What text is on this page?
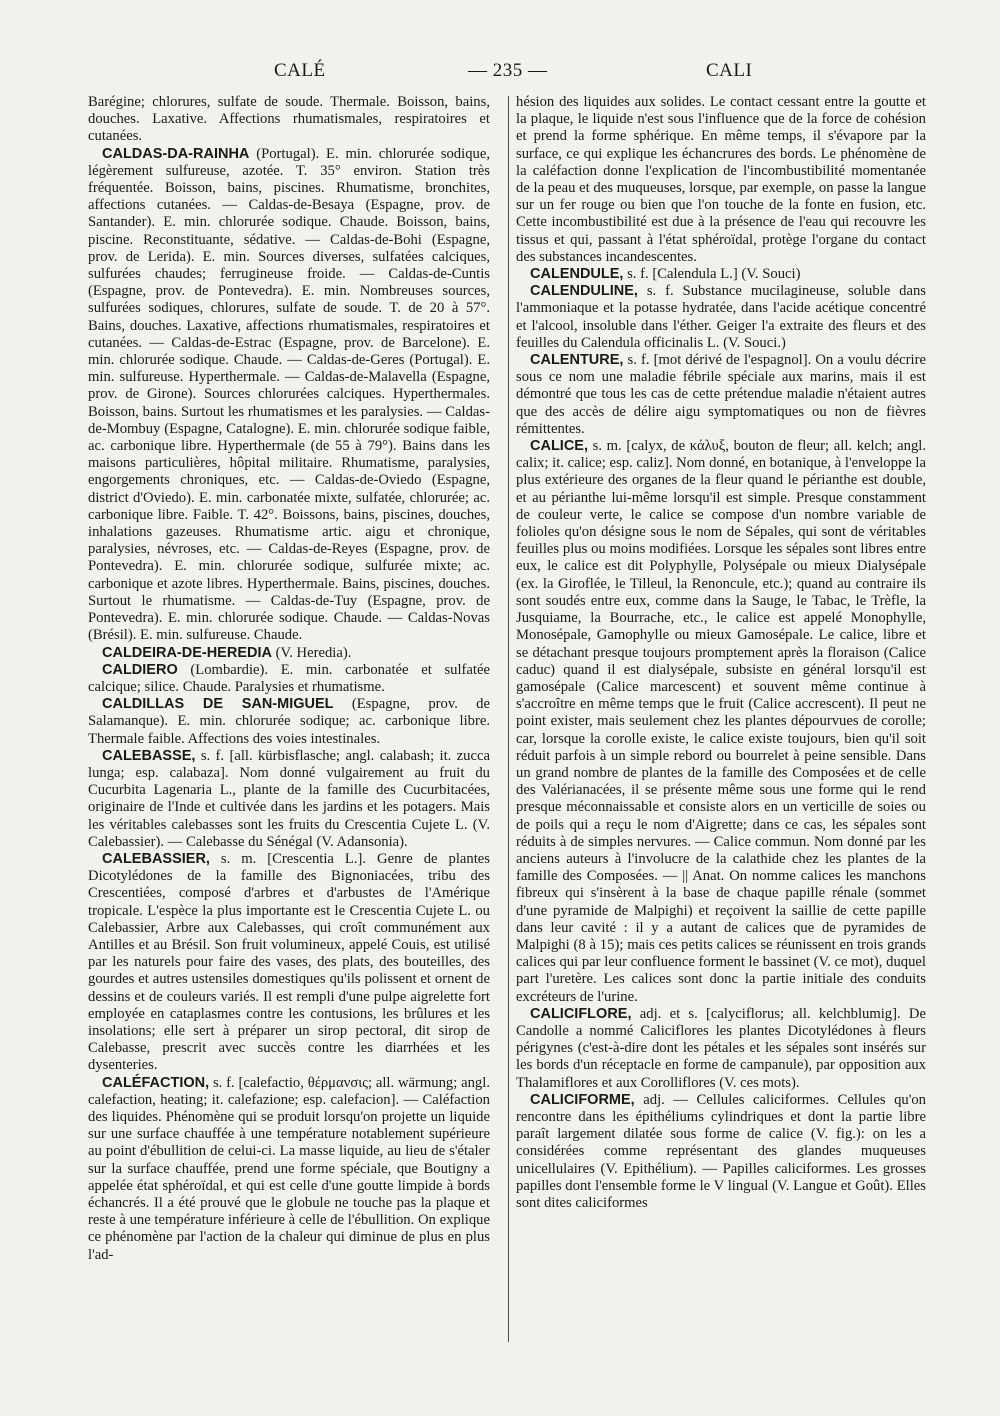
CALÉ	— 235 —	CALI

Barégine; chlorures, sulfate de soude. Thermale. Boisson, bains, douches. Laxative. Affections rhumatismales, respiratoires et cutanées.

CALDAS-DA-RAINHA (Portugal). E. min. chlorurée sodique, légèrement sulfureuse, azotée. T. 35° environ. Station très fréquentée. Boisson, bains, piscines. Rhumatisme, bronchites, affections cutanées. — Caldas-de-Besaya (Espagne, prov. de Santander). E. min. chlorurée sodique. Chaude. Boisson, bains, piscine. Reconstituante, sédative. — Caldas-de-Bohi (Espagne, prov. de Lerida). E. min. Sources diverses, sulfatées calciques, sulfurées chaudes; ferrugineuse froide. — Caldas-de-Cuntis (Espagne, prov. de Pontevedra). E. min. Nombreuses sources, sulfurées sodiques, chlorures, sulfate de soude. T. de 20 à 57°. Bains, douches. Laxative, affections rhumatismales, respiratoires et cutanées. — Caldas-de-Estrac (Espagne, prov. de Barcelone). E. min. chlorurée sodique. Chaude. — Caldas-de-Geres (Portugal). E. min. sulfureuse. Hyperthermale. — Caldas-de-Malavella (Espagne, prov. de Girone). Sources chlorurées calciques. Hyperthermales. Boisson, bains. Surtout les rhumatismes et les paralysies. — Caldas-de-Mombuy (Espagne, Catalogne). E. min. chlorurée sodique faible, ac. carbonique libre. Hyperthermale (de 55 à 79°). Bains dans les maisons particulières, hôpital militaire. Rhumatisme, paralysies, engorgements chroniques, etc. — Caldas-de-Oviedo (Espagne, district d'Oviedo). E. min. carbonatée mixte, sulfatée, chlorurée; ac. carbonique libre. Faible. T. 42°. Boissons, bains, piscines, douches, inhalations gazeuses. Rhumatisme artic. aigu et chronique, paralysies, névroses, etc. — Caldas-de-Reyes (Espagne, prov. de Pontevedra). E. min. chlorurée sodique, sulfurée mixte; ac. carbonique et azote libres. Hyperthermale. Bains, piscines, douches. Surtout le rhumatisme. — Caldas-de-Tuy (Espagne, prov. de Pontevedra). E. min. chlorurée sodique. Chaude. — Caldas-Novas (Brésil). E. min. sulfureuse. Chaude.

CALDEIRA-DE-HEREDIA (V. Heredia).

CALDIERO (Lombardie). E. min. carbonatée et sulfatée calcique; silice. Chaude. Paralysies et rhumatisme.

CALDILLAS DE SAN-MIGUEL (Espagne, prov. de Salamanque). E. min. chlorurée sodique; ac. carbonique libre. Thermale faible. Affections des voies intestinales.

CALEBASSE, s. f. [all. kürbisflasche; angl. calabash; it. zucca lunga; esp. calabaza]. Nom donné vulgairement au fruit du Cucurbita Lagenaria L., plante de la famille des Cucurbitacées, originaire de l'Inde et cultivée dans les jardins et les potagers. Mais les véritables calebasses sont les fruits du Crescentia Cujete L. (V. Calebassier). — Calebasse du Sénégal (V. Adansonia).

CALEBASSIER, s. m. [Crescentia L.]. Genre de plantes Dicotylédones de la famille des Bignoniacées, tribu des Crescentiées, composé d'arbres et d'arbustes de l'Amérique tropicale. L'espèce la plus importante est le Crescentia Cujete L. ou Calebassier, Arbre aux Calebasses, qui croît communément aux Antilles et au Brésil. Son fruit volumineux, appelé Couis, est utilisé par les naturels pour faire des vases, des plats, des bouteilles, des gourdes et autres ustensiles domestiques qu'ils polissent et ornent de dessins et de couleurs variés. Il est rempli d'une pulpe aigrelette fort employée en cataplasmes contre les contusions, les brûlures et les insolations; elle sert à préparer un sirop pectoral, dit sirop de Calebasse, prescrit avec succès contre les diarrhées et les dysenteries.

CALÉFACTION, s. f. [calefactio, θέρμανσις; all. wärmung; angl. calefaction, heating; it. calefazione; esp. calefacion]. — Caléfaction des liquides. Phénomène qui se produit lorsqu'on projette un liquide sur une surface chauffée à une température notablement supérieure au point d'ébullition de celui-ci. La masse liquide, au lieu de s'étaler sur la surface chauffée, prend une forme spéciale, que Boutigny a appelée état sphéroïdal, et qui est celle d'une goutte limpide à bords échancrés. Il a été prouvé que le globule ne touche pas la plaque et reste à une température inférieure à celle de l'ébullition. On explique ce phénomène par l'action de la chaleur qui diminue de plus en plus l'ad-

hésion des liquides aux solides. Le contact cessant entre la goutte et la plaque, le liquide n'est sous l'influence que de la force de cohésion et prend la forme sphérique. En même temps, il s'évapore par la surface, ce qui explique les échancrures des bords. Le phénomène de la caléfaction donne l'explication de l'incombustibilité momentanée de la peau et des muqueuses, lorsque, par exemple, on passe la langue sur un fer rouge ou bien que l'on touche de la fonte en fusion, etc. Cette incombustibilité est due à la présence de l'eau qui recouvre les tissus et qui, passant à l'état sphéroïdal, protège l'organe du contact des substances incandescentes.

CALENDULE, s. f. [Calendula L.] (V. Souci)

CALENDULINE, s. f. Substance mucilagineuse, soluble dans l'ammoniaque et la potasse hydratée, dans l'acide acétique concentré et l'alcool, insoluble dans l'éther. Geiger l'a extraite des fleurs et des feuilles du Calendula officinalis L. (V. Souci.)

CALENTURE, s. f. [mot dérivé de l'espagnol]. On a voulu décrire sous ce nom une maladie fébrile spéciale aux marins, mais il est démontré que tous les cas de cette prétendue maladie n'étaient autres que des accès de délire aigu symptomatiques ou non de fièvres rémittentes.

CALICE, s. m. [calyx, de κάλυξ, bouton de fleur; all. kelch; angl. calix; it. calice; esp. caliz]. Nom donné, en botanique, à l'enveloppe la plus extérieure des organes de la fleur quand le périanthe est double, et au périanthe lui-même lorsqu'il est simple. Presque constamment de couleur verte, le calice se compose d'un nombre variable de folioles qu'on désigne sous le nom de Sépales, qui sont de véritables feuilles plus ou moins modifiées. Lorsque les sépales sont libres entre eux, le calice est dit Polyphylle, Polysépale ou mieux Dialysépale (ex. la Giroflée, le Tilleul, la Renoncule, etc.); quand au contraire ils sont soudés entre eux, comme dans la Sauge, le Tabac, le Trèfle, la Jusquiame, la Bourrache, etc., le calice est appelé Monophylle, Monosépale, Gamophylle ou mieux Gamosépale. Le calice, libre et se détachant presque toujours promptement après la floraison (Calice caduc) quand il est dialysépale, subsiste en général lorsqu'il est gamosépale (Calice marcescent) et souvent même continue à s'accroître en même temps que le fruit (Calice accrescent). Il peut ne point exister, mais seulement chez les plantes dépourvues de corolle; car, lorsque la corolle existe, le calice existe toujours, bien qu'il soit réduit parfois à un simple rebord ou bourrelet à peine sensible. Dans un grand nombre de plantes de la famille des Composées et de celle des Valérianacées, il se présente même sous une forme qui le rend presque méconnaissable et consiste alors en un verticille de soies ou de poils qui a reçu le nom d'Aigrette; dans ce cas, les sépales sont réduits à de simples nervures. — Calice commun. Nom donné par les anciens auteurs à l'involucre de la calathide chez les plantes de la famille des Composées. — || Anat. On nomme calices les manchons fibreux qui s'insèrent à la base de chaque papille rénale (sommet d'une pyramide de Malpighi) et reçoivent la saillie de cette papille dans leur cavité : il y a autant de calices que de pyramides de Malpighi (8 à 15); mais ces petits calices se réunissent en trois grands calices qui par leur confluence forment le bassinet (V. ce mot), duquel part l'uretère. Les calices sont donc la partie initiale des conduits excréteurs de l'urine.

CALICIFLORE, adj. et s. [calyciflorus; all. kelchblumig]. De Candolle a nommé Caliciflores les plantes Dicotylédones à fleurs périgynes (c'est-à-dire dont les pétales et les sépales sont insérés sur les bords d'un réceptacle en forme de campanule), par opposition aux Thalamiflores et aux Corolliflores (V. ces mots).

CALICIFORME, adj. — Cellules caliciformes. Cellules qu'on rencontre dans les épithéliums cylindriques et dont la partie libre paraît largement dilatée sous forme de calice (V. fig.): on les a considérées comme représentant des glandes muqueuses unicellulaires (V. Epithélium). — Papilles caliciformes. Les grosses papilles dont l'ensemble forme le V lingual (V. Langue et Goût). Elles sont dites caliciformes
